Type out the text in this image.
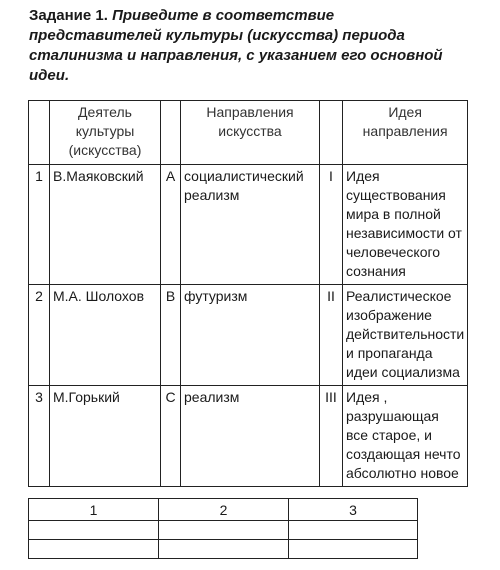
Задание 1. Приведите в соответствие представителей культуры (искусства) периода сталинизма и направления, с указанием его основной идеи.
	Деятель культуры (искусства)		Направления искусства		Идея направления
1	В.Маяковский	А	социалистический реализм	I	Идея существования мира в полной независимости от человеческого сознания
2	М.А. Шолохов	В	футуризм	II	Реалистическое изображение действительности и пропаганда идеи социализма
3	М.Горький	С	реализм	III	Идея , разрушающая все старое, и создающая нечто абсолютно новое
1	2	3
